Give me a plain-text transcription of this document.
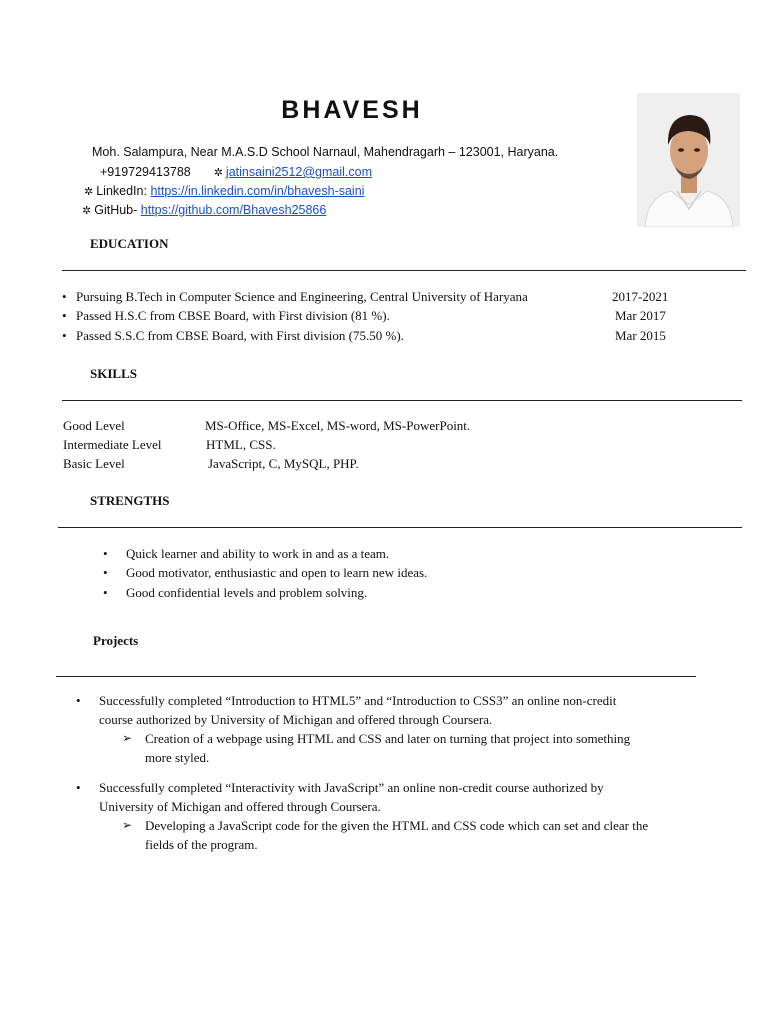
BHAVESH
Moh. Salampura, Near M.A.S.D School Narnaul, Mahendragarh – 123001, Haryana.
+919729413788 ✲ jatinsaini2512@gmail.com
✲ LinkedIn: https://in.linkedin.com/in/bhavesh-saini
✲ GitHub- https://github.com/Bhavesh25866
EDUCATION
• Pursuing B.Tech in Computer Science and Engineering, Central University of Haryana	2017-2021
• Passed H.S.C from CBSE Board, with First division (81 %).	Mar 2017
• Passed S.S.C from CBSE Board, with First division (75.50 %).	Mar 2015
SKILLS
Good Level	MS-Office, MS-Excel, MS-word, MS-PowerPoint.
Intermediate Level	HTML, CSS.
Basic Level	JavaScript, C, MySQL, PHP.
STRENGTHS
• Quick learner and ability to work in and as a team.
• Good motivator, enthusiastic and open to learn new ideas.
• Good confidential levels and problem solving.
Projects
• Successfully completed “Introduction to HTML5” and “Introduction to CSS3” an online non-credit
course authorized by University of Michigan and offered through Coursera.
➢ Creation of a webpage using HTML and CSS and later on turning that project into something
more styled.
• Successfully completed “Interactivity with JavaScript” an online non-credit course authorized by
University of Michigan and offered through Coursera.
➢ Developing a JavaScript code for the given the HTML and CSS code which can set and clear the
fields of the program.
